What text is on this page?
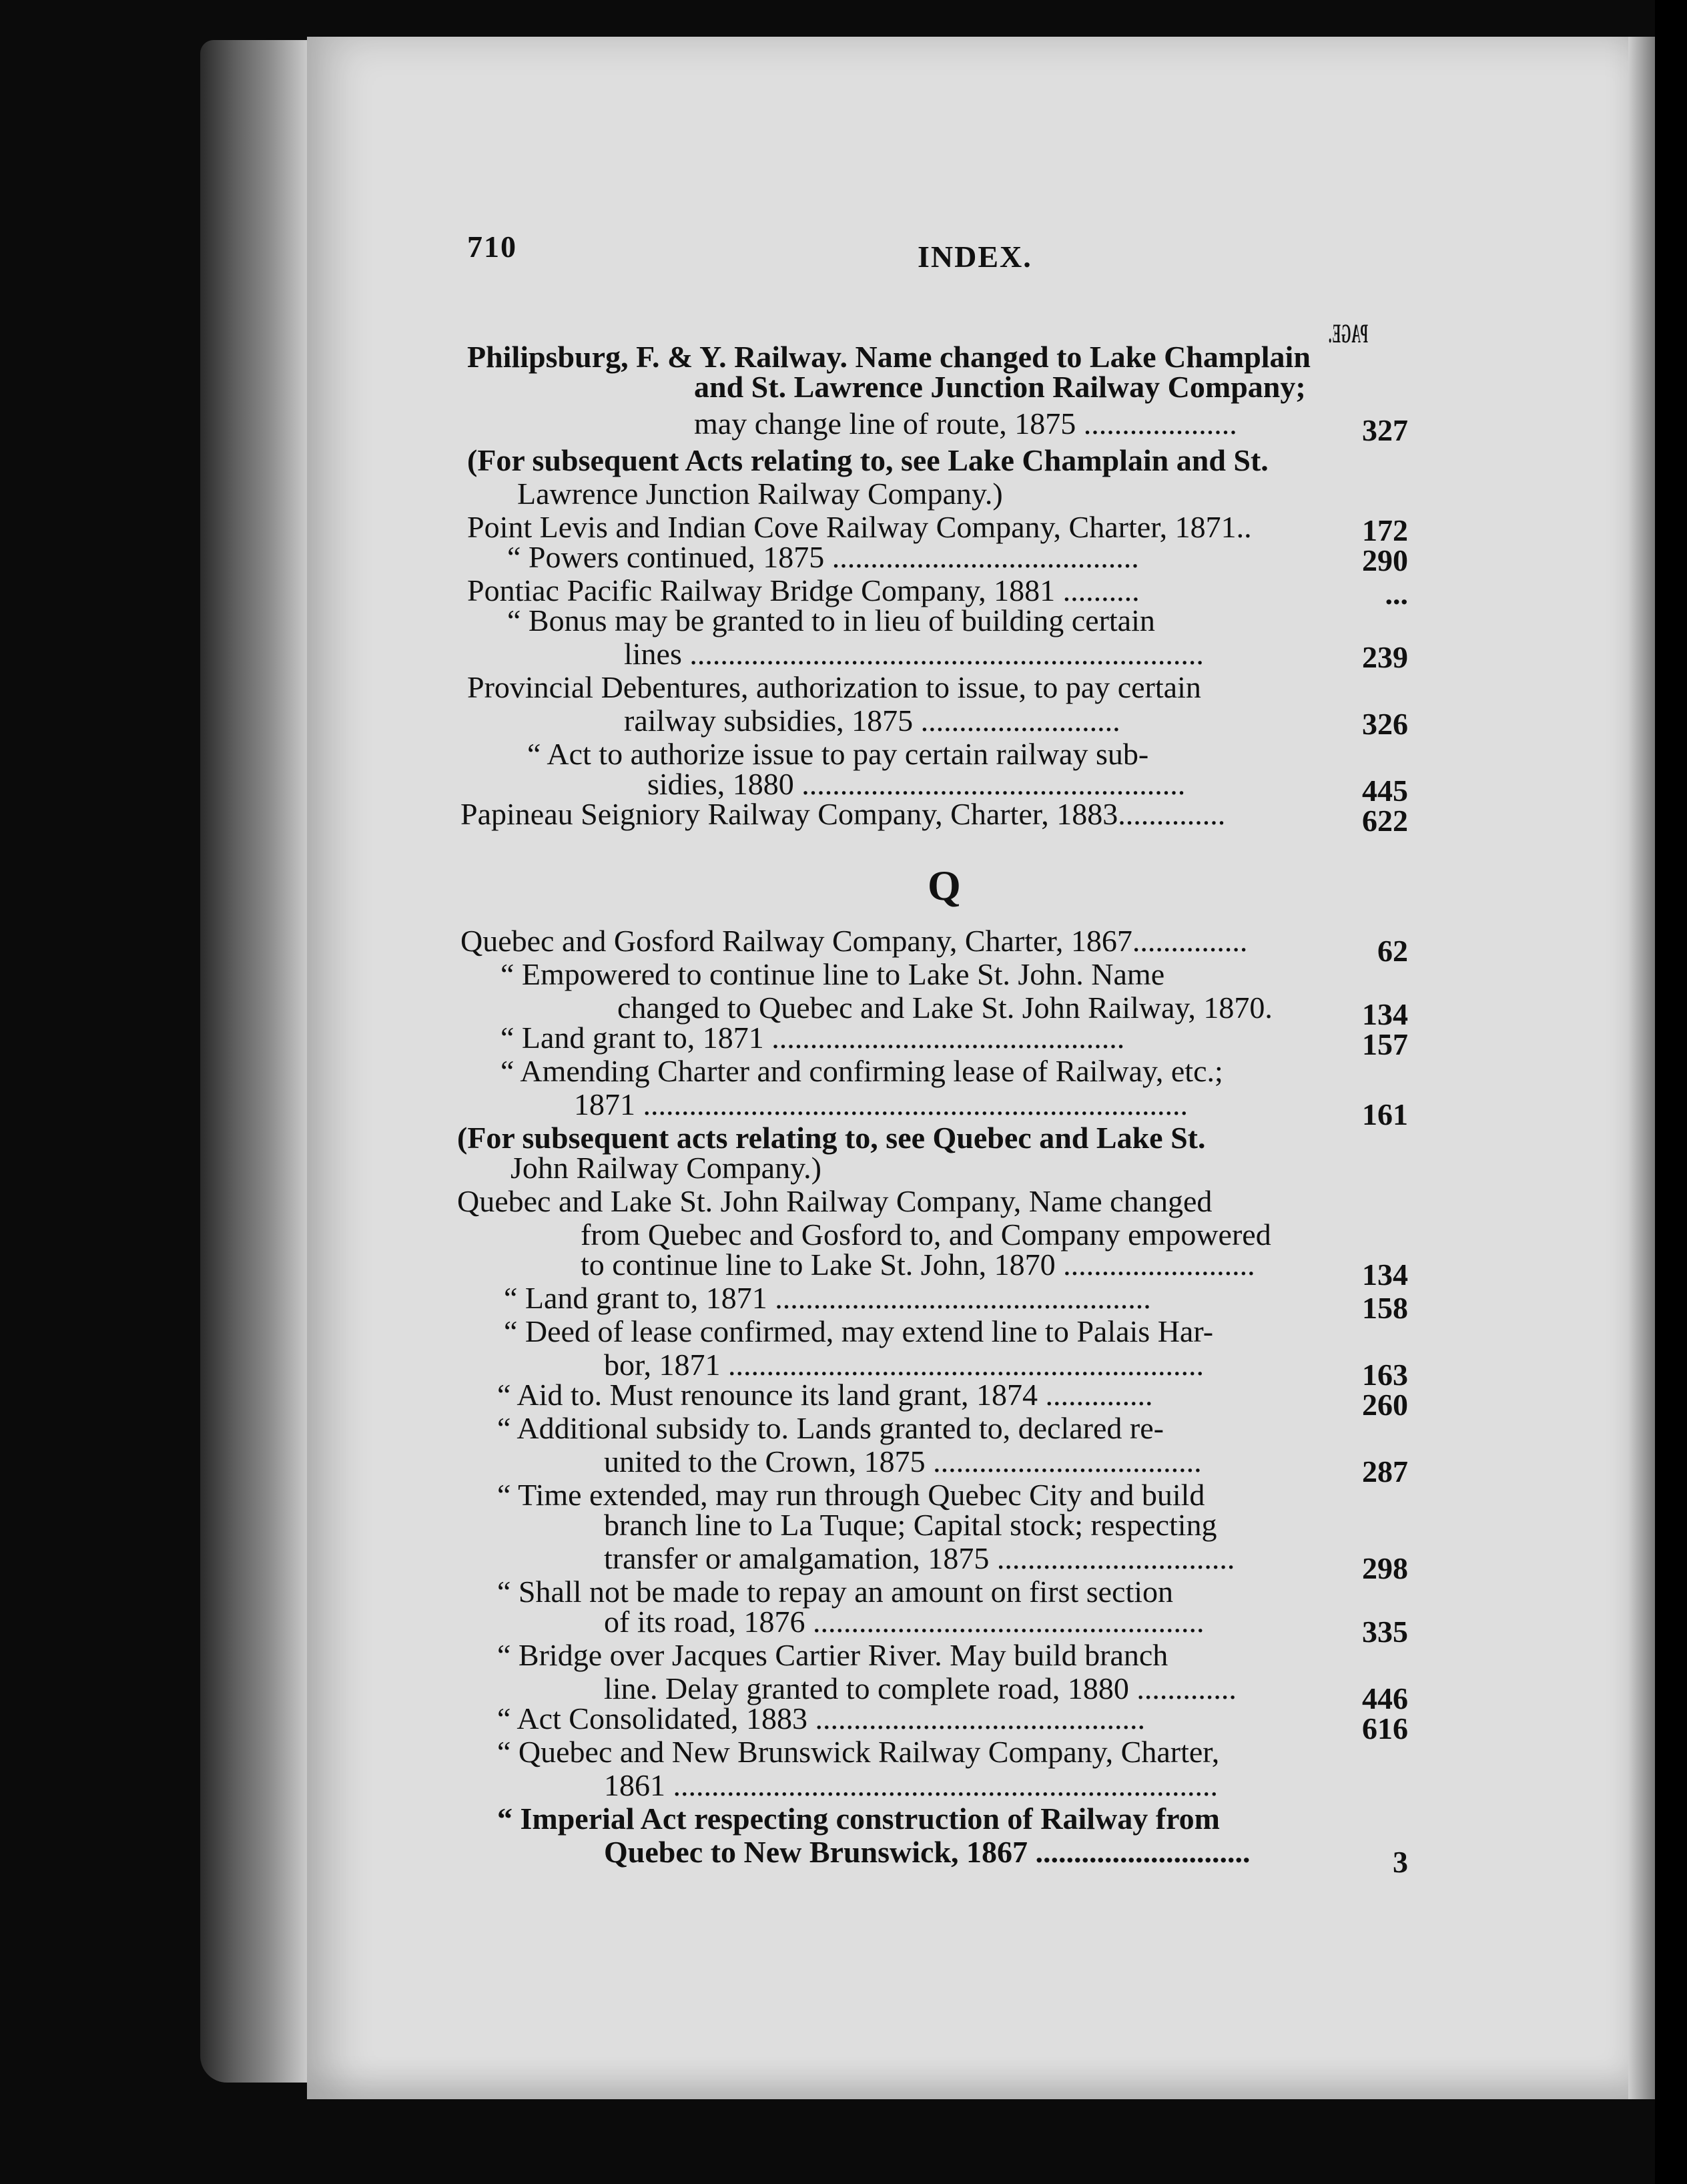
710	INDEX.
PAGE.
Philipsburg, F. & Y. Railway. Name changed to Lake Champlain
and St. Lawrence Junction Railway Company;
may change line of route, 1875 ....................	327
(For subsequent Acts relating to, see Lake Champlain and St.
Lawrence Junction Railway Company.)
Point Levis and Indian Cove Railway Company, Charter, 1871..	172
“ Powers continued, 1875 ........................................	290
Pontiac Pacific Railway Bridge Company, 1881 ..........	...
“ Bonus may be granted to in lieu of building certain
lines ...................................................................	239
Provincial Debentures, authorization to issue, to pay certain
railway subsidies, 1875 ..........................	326
“ Act to authorize issue to pay certain railway sub-
sidies, 1880 ..................................................	445
Papineau Seigniory Railway Company, Charter, 1883..............	622
Q
Quebec and Gosford Railway Company, Charter, 1867...............	62
“ Empowered to continue line to Lake St. John. Name
changed to Quebec and Lake St. John Railway, 1870.	134
“ Land grant to, 1871 ..............................................	157
“ Amending Charter and confirming lease of Railway, etc.;
1871 .......................................................................	161
(For subsequent acts relating to, see Quebec and Lake St.
John Railway Company.)
Quebec and Lake St. John Railway Company, Name changed
from Quebec and Gosford to, and Company empowered
to continue line to Lake St. John, 1870 .........................	134
“ Land grant to, 1871 .................................................	158
“ Deed of lease confirmed, may extend line to Palais Har-
bor, 1871 ..............................................................	163
“ Aid to. Must renounce its land grant, 1874 ..............	260
“ Additional subsidy to. Lands granted to, declared re-
united to the Crown, 1875 ...................................	287
“ Time extended, may run through Quebec City and build
branch line to La Tuque; Capital stock; respecting
transfer or amalgamation, 1875 ...............................	298
“ Shall not be made to repay an amount on first section
of its road, 1876 ...................................................	335
“ Bridge over Jacques Cartier River. May build branch
line. Delay granted to complete road, 1880 .............	446
“ Act Consolidated, 1883 ...........................................	616
“ Quebec and New Brunswick Railway Company, Charter,
1861 .......................................................................
“ Imperial Act respecting construction of Railway from
Quebec to New Brunswick, 1867 ............................	3
